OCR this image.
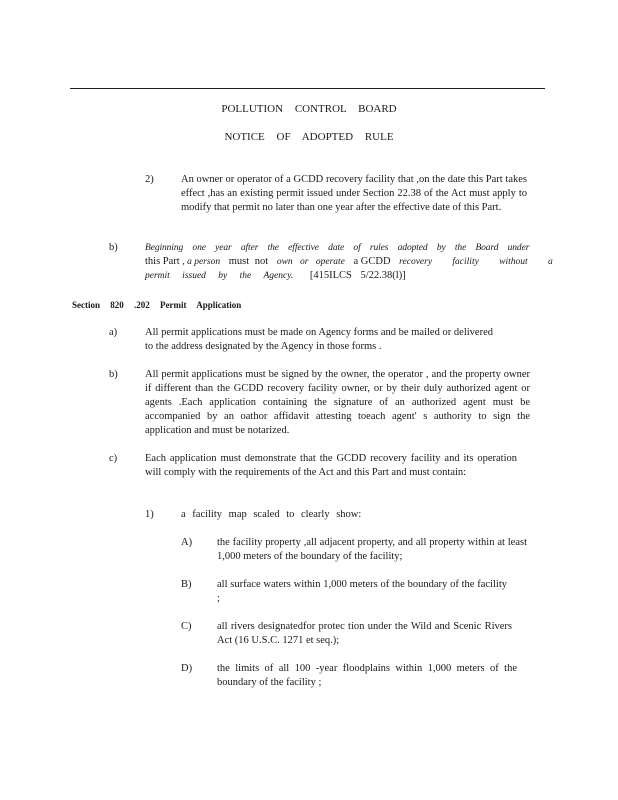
POLLUTION CONTROL BOARD
NOTICE OF ADOPTED RULE
2)	An owner or operator of a GCDD recovery facility that ,on the date this Part takes effect ,has an existing permit issued under Section 22.38 of the Act must apply to modify that permit no later than one year after the effective date of this Part.
b)	Beginning one year after the effective date of rules adopted by the Board under
this Part , a person must not own or operate a GCDD recovery facility without a
permit issued by the Agency. [415ILCS 5/22.38(l)]
Section 820 .202 Permit Application
a)	All permit applications must be made on Agency forms and be mailed or delivered to the address designated by the Agency in those forms .
b)	All permit applications must be signed by the owner, the operator , and the property owner if different than the GCDD recovery facility owner, or by their duly authorized agent or agents .Each application containing the signature of an authorized agent must be accompanied by an oathor affidavit attesting toeach agent' s authority to sign the application and must be notarized.
c)	Each application must demonstrate that the GCDD recovery facility and its operation will comply with the requirements of the Act and this Part and must contain:
1)	a facility map scaled to clearly show:
A) the facility property ,all adjacent property, and all property within at least 1,000 meters of the boundary of the facility;
B) all surface waters within 1,000 meters of the boundary of the facility ;
C) all rivers designatedfor protec tion under the Wild and Scenic Rivers Act (16 U.S.C. 1271 et seq.);
D) the limits of all 100 -year floodplains within 1,000 meters of the boundary of the facility ;
